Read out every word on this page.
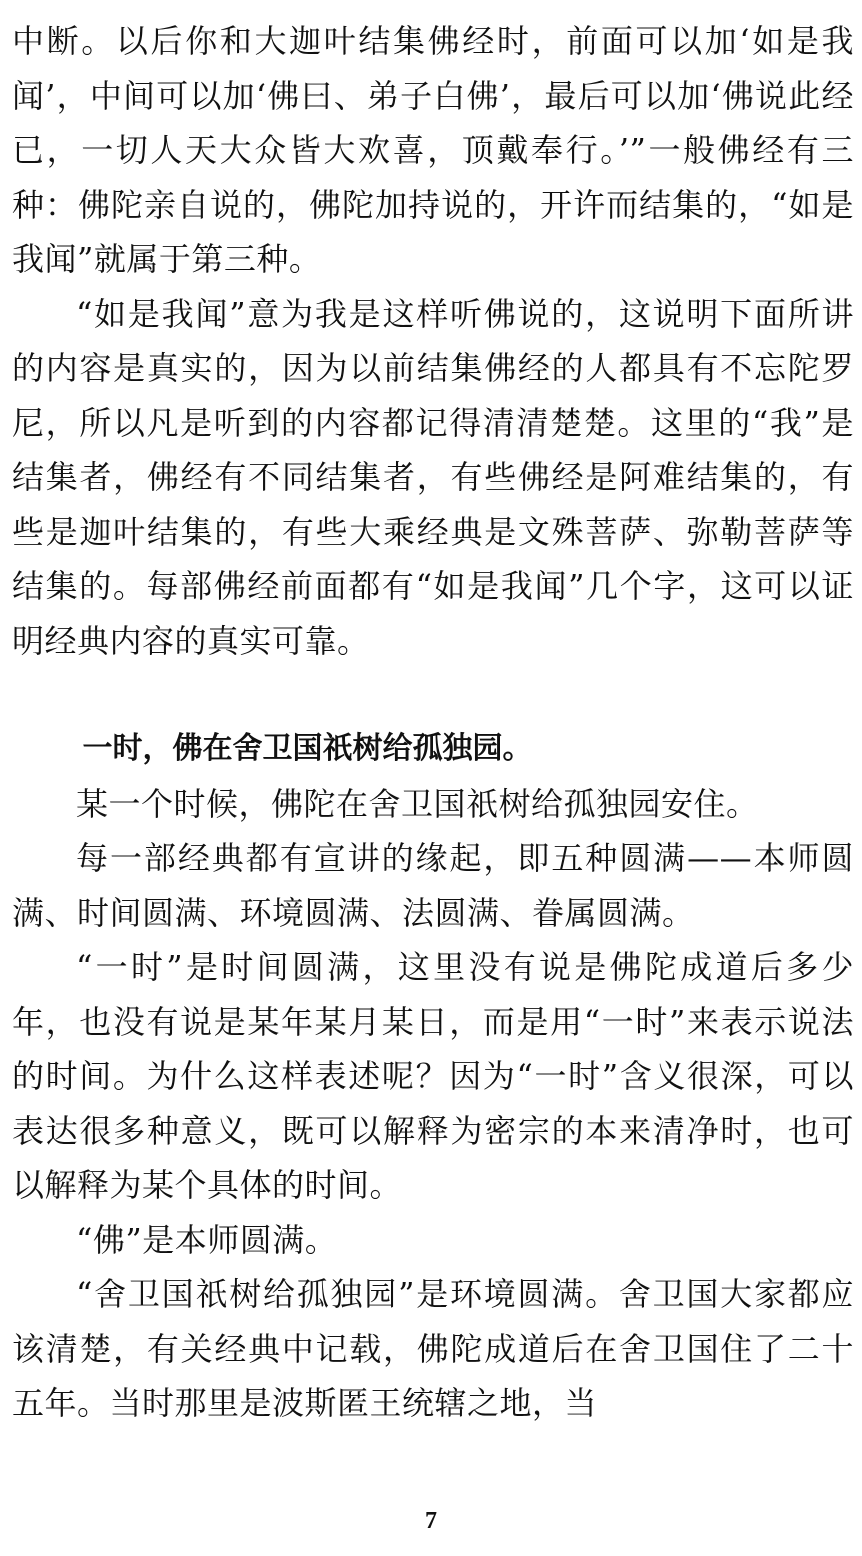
中断。以后你和大迦叶结集佛经时，前面可以加‘如是我闻’，中间可以加‘佛曰、弟子白佛’，最后可以加‘佛说此经已，一切人天大众皆大欢喜，顶戴奉行。’”一般佛经有三种：佛陀亲自说的，佛陀加持说的，开许而结集的，“如是我闻”就属于第三种。

“如是我闻”意为我是这样听佛说的，这说明下面所讲的内容是真实的，因为以前结集佛经的人都具有不忘陀罗尼，所以凡是听到的内容都记得清清楚楚。这里的“我”是结集者，佛经有不同结集者，有些佛经是阿难结集的，有些是迦叶结集的，有些大乘经典是文殊菩萨、弥勒菩萨等结集的。每部佛经前面都有“如是我闻”几个字，这可以证明经典内容的真实可靠。

一时，佛在舍卫国祇树给孤独园。

某一个时候，佛陀在舍卫国祇树给孤独园安住。

每一部经典都有宣讲的缘起，即五种圆满——本师圆满、时间圆满、环境圆满、法圆满、眷属圆满。

“一时”是时间圆满，这里没有说是佛陀成道后多少年，也没有说是某年某月某日，而是用“一时”来表示说法的时间。为什么这样表述呢？因为“一时”含义很深，可以表达很多种意义，既可以解释为密宗的本来清净时，也可以解释为某个具体的时间。

“佛”是本师圆满。

“舍卫国祇树给孤独园”是环境圆满。舍卫国大家都应该清楚，有关经典中记载，佛陀成道后在舍卫国住了二十五年。当时那里是波斯匿王统辖之地，当

7
